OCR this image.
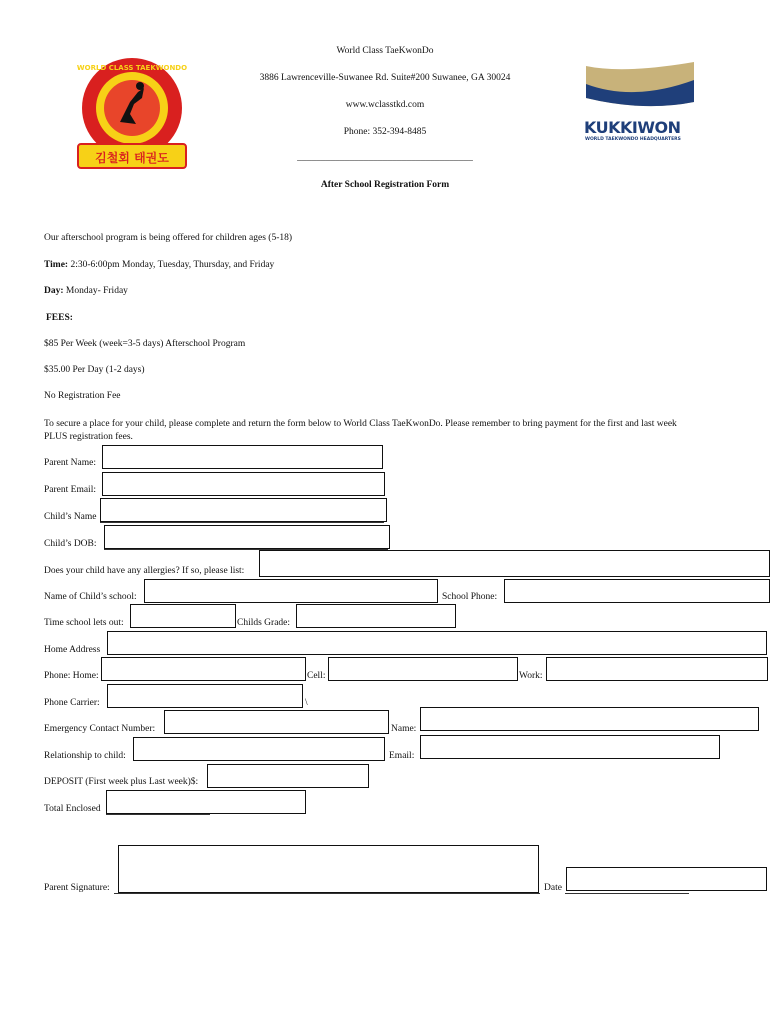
WORLD CLASS TAEKWONDO
김철회 태권도
KUKKIWON
WORLD TAEKWONDO HEADQUARTERS
World Class TaeKwonDo
3886 Lawrenceville-Suwanee Rd. Suite#200 Suwanee, GA 30024
www.wclasstkd.com
Phone: 352-394-8485
_____________________________________
After School Registration Form
Our afterschool program is being offered for children ages (5-18)
Time: 2:30-6:00pm Monday, Tuesday, Thursday, and Friday
Day: Monday- Friday
FEES:
$85 Per Week (week=3-5 days) Afterschool Program
$35.00 Per Day (1-2 days)
No Registration Fee
To secure a place for your child, please complete and return the form below to World Class TaeKwonDo. Please remember to bring payment for the first and last week
PLUS registration fees.
Parent Name:
Parent Email:
Child’s Name
Child’s DOB:
Does your child have any allergies? If so, please list:
Name of Child’s school:	School Phone:
Time school lets out:	Childs Grade:
Home Address
Phone: Home:	Cell:	Work:
Phone Carrier:	\
Emergency Contact Number:	Name:
Relationship to child:	Email:
DEPOSIT (First week plus Last week)$:
Total Enclosed
Parent Signature:	Date
